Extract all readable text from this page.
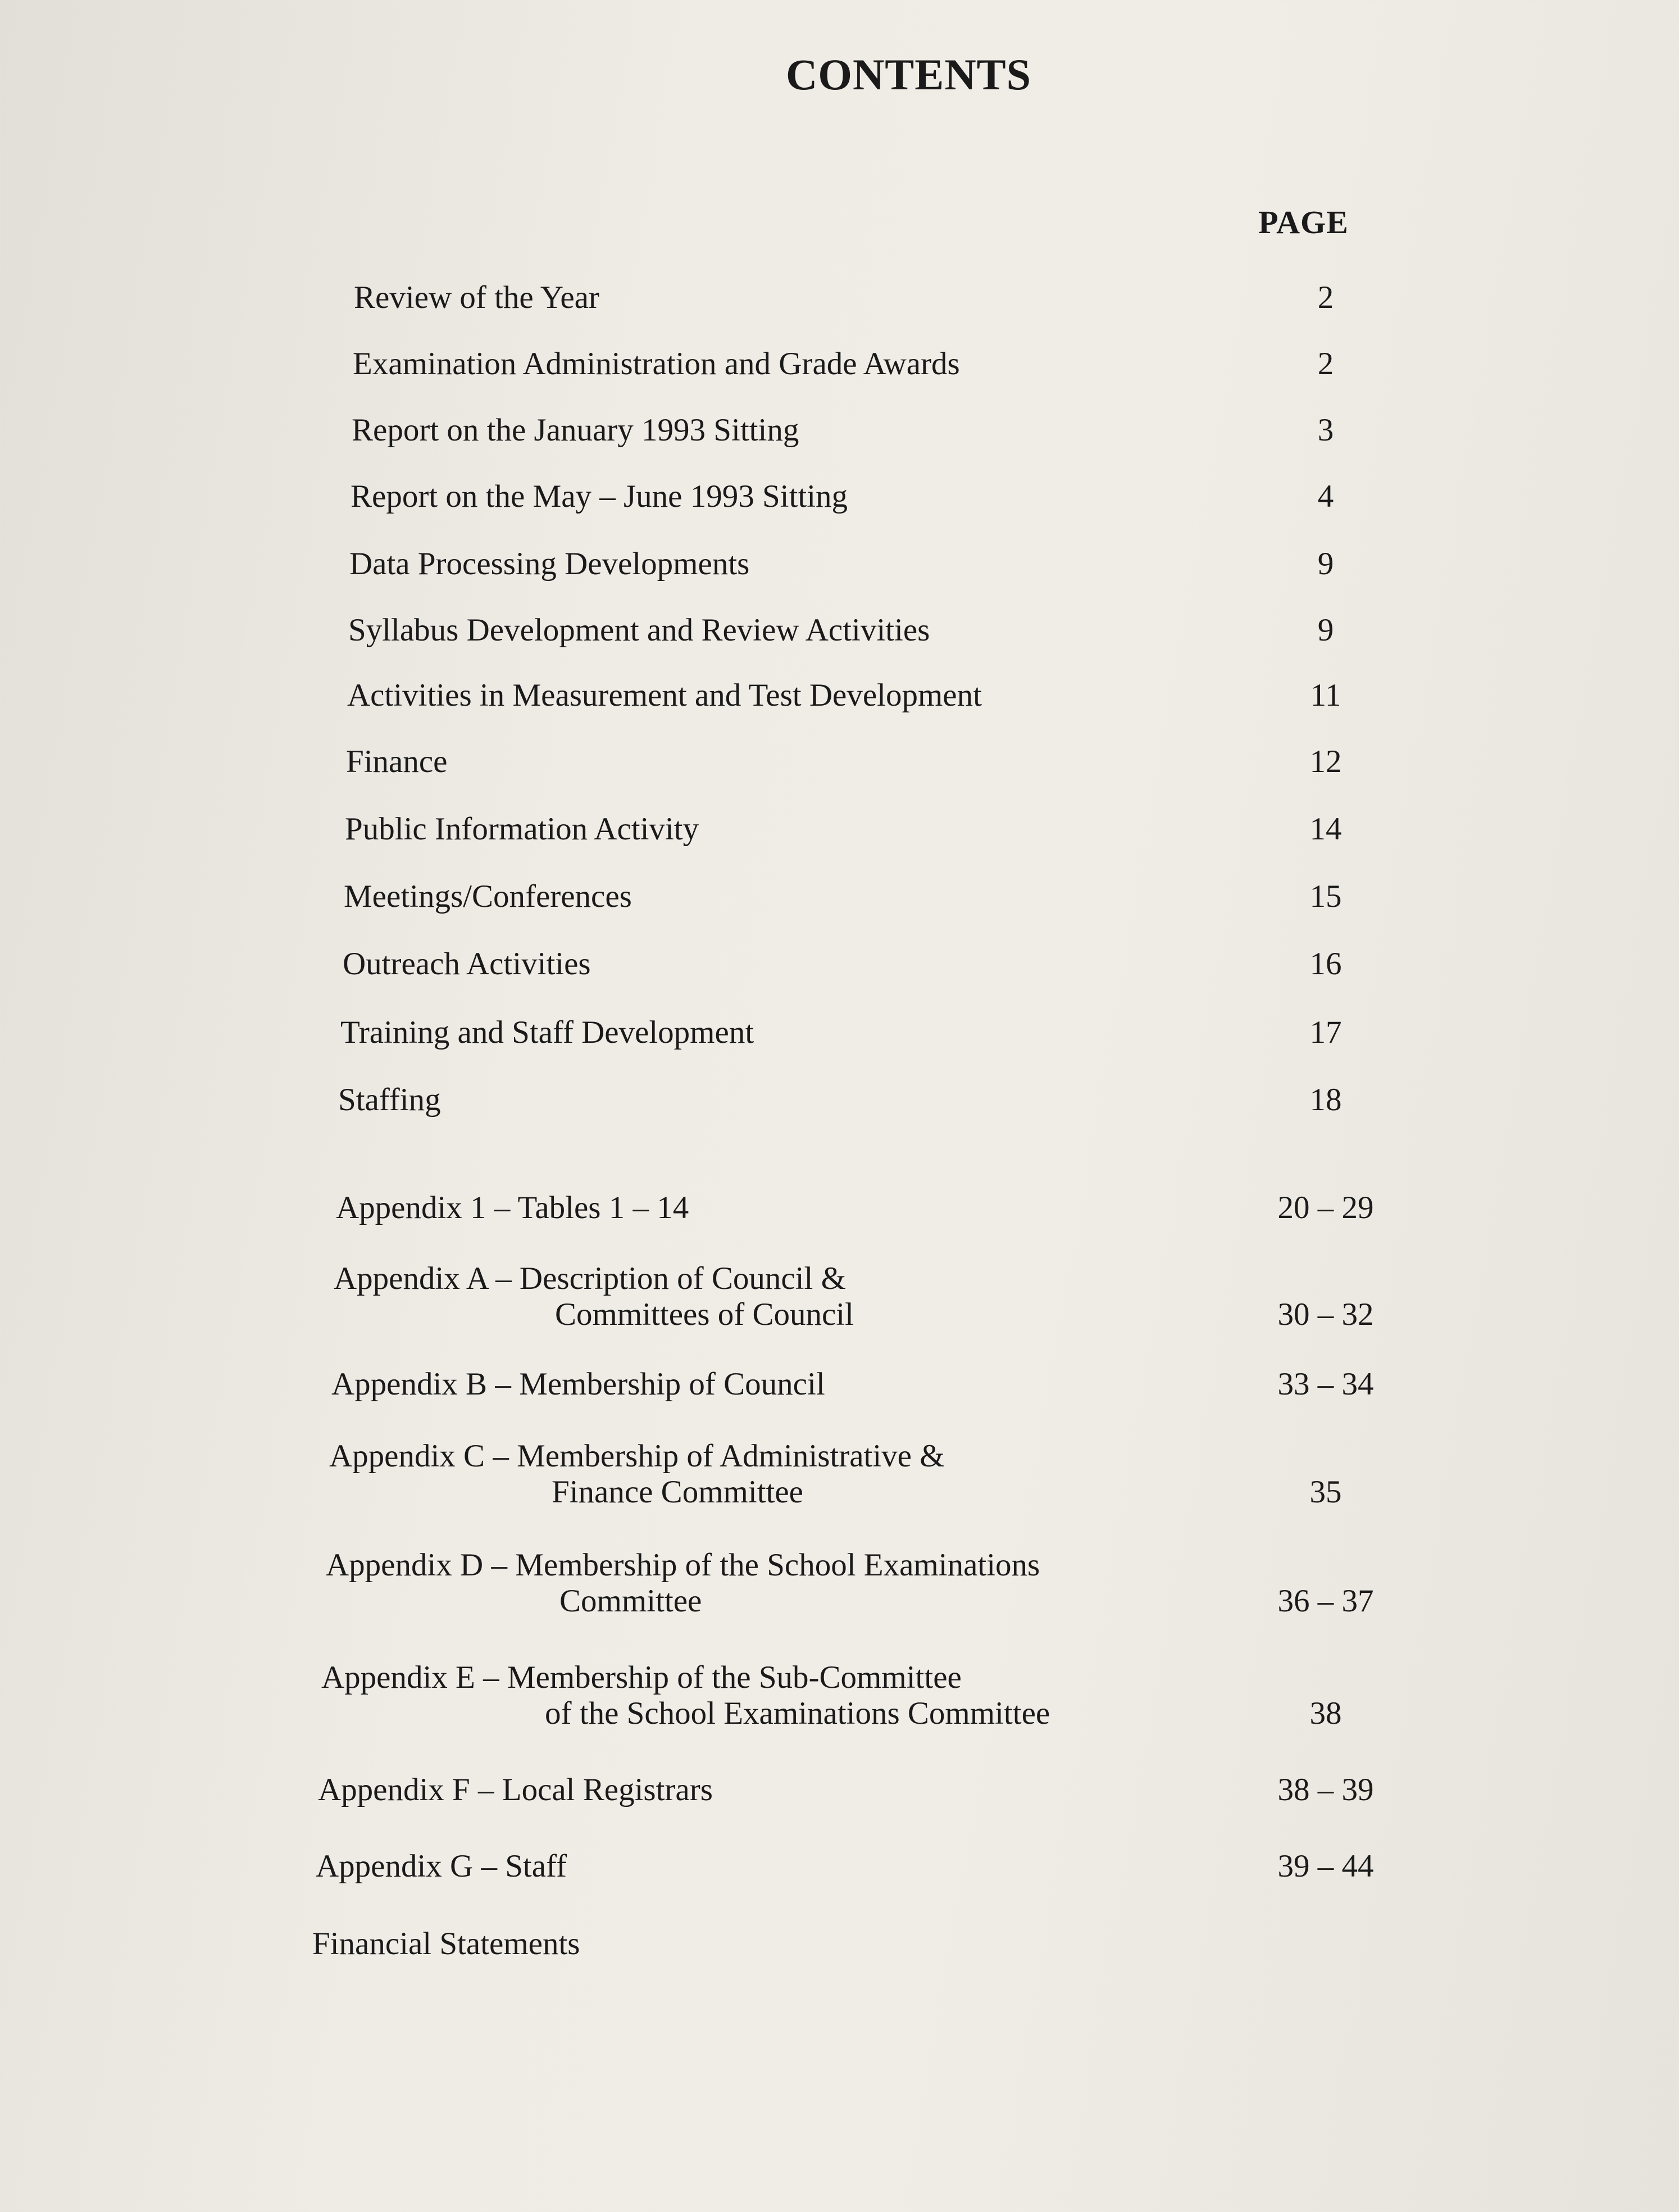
CONTENTS
PAGE
Review of the Year	2
Examination Administration and Grade Awards	2
Report on the January 1993 Sitting	3
Report on the May – June 1993 Sitting	4
Data Processing Developments	9
Syllabus Development and Review Activities	9
Activities in Measurement and Test Development	11
Finance	12
Public Information Activity	14
Meetings/Conferences	15
Outreach Activities	16
Training and Staff Development	17
Staffing	18
Appendix 1 – Tables 1 – 14	20 – 29
Appendix A – Description of Council &
Committees of Council	30 – 32
Appendix B – Membership of Council	33 – 34
Appendix C – Membership of Administrative &
Finance Committee	35
Appendix D – Membership of the School Examinations
Committee	36 – 37
Appendix E – Membership of the Sub-Committee
of the School Examinations Committee	38
Appendix F – Local Registrars	38 – 39
Appendix G – Staff	39 – 44
Financial Statements
